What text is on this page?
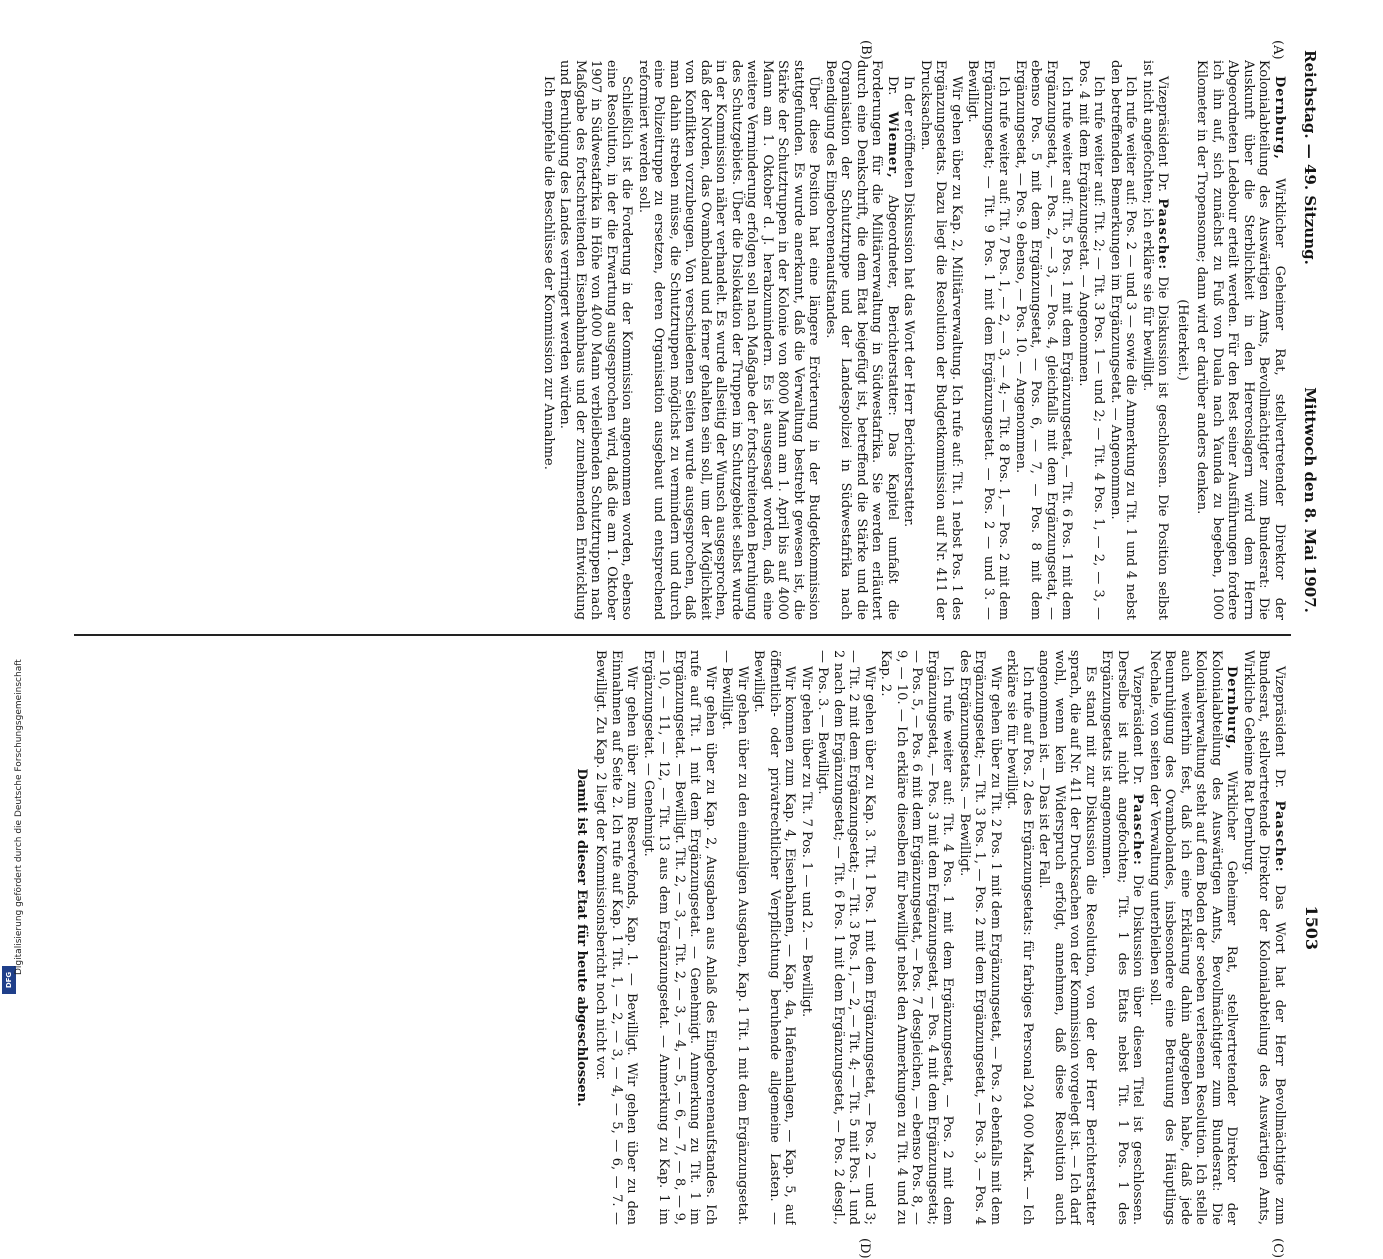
DFG
Digitalisierung gefördert durch die Deutsche Forschungsgemeinschaft
Reichstag. — 49. Sitzung.
Mittwoch den 8. Mai 1907.
1503
(A)
(B)
(C)
(D)

Dernburg, Wirklicher Geheimer Rat, stellvertretender Direktor der Kolonialabteilung des Auswärtigen Amts, Bevollmächtigter zum Bundesrat: Die Auskunft über die Sterblichkeit in den Hereroslagern wird dem Herrn Abgeordneten Ledebour erteilt werden. Für den Rest seiner Ausführungen fordere ich ihn auf, sich zunächst zu Fuß von Duala nach Yaunda zu begeben, 1000 Kilometer in der Tropensonne; dann wird er darüber anders denken.

(Heiterkeit.)

Vizepräsident Dr. Paasche: Die Diskussion ist geschlossen. Die Position selbst ist nicht angefochten; ich erkläre sie für bewilligt.

Ich rufe weiter auf: Pos. 2 — und 3 — sowie die Anmerkung zu Tit. 1 und 4 nebst den betreffenden Bemerkungen im Ergänzungsetat. — Angenommen.

Ich rufe weiter auf: Tit. 2; — Tit. 3 Pos. 1 — und 2; — Tit. 4 Pos. 1, — 2, — 3, — Pos. 4 mit dem Ergänzungsetat. — Angenommen.

Ich rufe weiter auf: Tit. 5 Pos. 1 mit dem Ergänzungsetat, — Tit. 6 Pos. 1 mit dem Ergänzungsetat, — Pos. 2, — 3, — Pos. 4, gleichfalls mit dem Ergänzungsetat, — ebenso Pos. 5 mit dem Ergänzungsetat, — Pos. 6, — 7, — Pos. 8 mit dem Ergänzungsetat, — Pos. 9 ebenso, — Pos. 10. — Angenommen.

Ich rufe weiter auf: Tit. 7 Pos. 1, — 2, — 3, — 4; — Tit. 8 Pos. 1, — Pos. 2 mit dem Ergänzungsetat; — Tit. 9 Pos. 1 mit dem Ergänzungsetat. — Pos. 2 — und 3. — Bewilligt.

Wir gehen über zu Kap. 2, Militärverwaltung. Ich rufe auf: Tit. 1 nebst Pos. 1 des Ergänzungsetats. Dazu liegt die Resolution der Budgetkommission auf Nr. 411 der Drucksachen.

In der eröffneten Diskussion hat das Wort der Herr Berichterstatter.

Dr. Wiemer, Abgeordneter, Berichterstatter: Das Kapitel umfaßt die Forderungen für die Militärverwaltung in Südwestafrika. Sie werden erläutert durch eine Denkschrift, die dem Etat beigefügt ist, betreffend die Stärke und die Organisation der Schutztruppe und der Landespolizei in Südwestafrika nach Beendigung des Eingeborenenaufstandes.

Über diese Position hat eine längere Erörterung in der Budgetkommission stattgefunden. Es wurde anerkannt, daß die Verwaltung bestrebt gewesen ist, die Stärke der Schutztruppen in der Kolonie von 8000 Mann am 1. April bis auf 4000 Mann am 1. Oktober d. J. herabzumindern. Es ist ausgesagt worden, daß eine weitere Verminderung erfolgen soll nach Maßgabe der fortschreitenden Beruhigung des Schutzgebiets. Über die Dislokation der Truppen im Schutzgebiet selbst wurde in der Kommission näher verhandelt. Es wurde allseitig der Wunsch ausgesprochen, daß der Norden, das Ovamboland und ferner gehalten sein soll, um der Möglichkeit von Konflikten vorzubeugen. Von verschiedenen Seiten wurde ausgesprochen, daß man dahin streben müsse, die Schutztruppen möglichst zu vermindern und durch eine Polizeitruppe zu ersetzen, deren Organisation ausgebaut und entsprechend reformiert werden soll.

Schließlich ist die Forderung in der Kommission angenommen worden, ebenso eine Resolution, in der die Erwartung ausgesprochen wird, daß die am 1. Oktober 1907 in Südwestafrika in Höhe von 4000 Mann verbleibenden Schutztruppen nach Maßgabe des fortschreitenden Eisenbahnbaus und der zunehmenden Entwicklung und Beruhigung des Landes verringert werden würden.

Ich empfehle die Beschlüsse der Kommission zur Annahme.

Vizepräsident Dr. Paasche: Das Wort hat der Herr Bevollmächtigte zum Bundesrat, stellvertretende Direktor der Kolonialabteilung des Auswärtigen Amts, Wirkliche Geheime Rat Dernburg.

Dernburg, Wirklicher Geheimer Rat, stellvertretender Direktor der Kolonialabteilung des Auswärtigen Amts, Bevollmächtigter zum Bundesrat: Die Kolonialverwaltung steht auf dem Boden der soeben verlesenen Resolution. Ich stelle auch weiterhin fest, daß ich eine Erklärung dahin abgegeben habe, daß jede Beunruhigung des Ovambolandes, insbesondere eine Betrauung des Häuptlings Nechale, von seiten der Verwaltung unterbleiben soll.

Vizepräsident Dr. Paasche: Die Diskussion über diesen Titel ist geschlossen. Derselbe ist nicht angefochten; Tit. 1 des Etats nebst Tit. 1 Pos. 1 des Ergänzungsetats ist angenommen.

Es stand mit zur Diskussion die Resolution, von der der Herr Berichterstatter sprach, die auf Nr. 411 der Drucksachen von der Kommission vorgelegt ist. — Ich darf wohl, wenn kein Widerspruch erfolgt, annehmen, daß diese Resolution auch angenommen ist. — Das ist der Fall.

Ich rufe auf Pos. 2 des Ergänzungsetats: für farbiges Personal 204 000 Mark. — Ich erkläre sie für bewilligt.

Wir gehen über zu Tit. 2 Pos. 1 mit dem Ergänzungsetat, — Pos. 2 ebenfalls mit dem Ergänzungsetat; — Tit. 3 Pos. 1, — Pos. 2 mit dem Ergänzungsetat, — Pos. 3, — Pos. 4 des Ergänzungsetats. — Bewilligt.

Ich rufe weiter auf: Tit. 4 Pos. 1 mit dem Ergänzungsetat, — Pos. 2 mit dem Ergänzungsetat, — Pos. 3 mit dem Ergänzungsetat, — Pos. 4 mit dem Ergänzungsetat; — Pos. 5, — Pos. 6 mit dem Ergänzungsetat, — Pos. 7 desgleichen, — ebenso Pos. 8, — 9, — 10. — Ich erkläre dieselben für bewilligt nebst den Anmerkungen zu Tit. 4 und zu Kap. 2.

Wir gehen über zu Kap. 3. Tit. 1 Pos. 1 mit dem Ergänzungsetat, — Pos. 2 — und 3; — Tit. 2 mit dem Ergänzungsetat; — Tit. 3 Pos. 1, — 2, — Tit. 4; — Tit. 5 mit Pos. 1 und 2 nach dem Ergänzungsetat; — Tit. 6 Pos. 1 mit dem Ergänzungsetat, — Pos. 2 desgl., — Pos. 3. — Bewilligt.

Wir gehen über zu Tit. 7 Pos. 1 — und 2. — Bewilligt.

Wir kommen zum Kap. 4, Eisenbahnen, — Kap. 4a, Hafenanlagen, — Kap. 5, auf öffentlich- oder privatrechtlicher Verpflichtung beruhende allgemeine Lasten. — Bewilligt.

Wir gehen über zu den einmaligen Ausgaben, Kap. 1 Tit. 1 mit dem Ergänzungsetat. — Bewilligt.

Wir gehen über zu Kap. 2, Ausgaben aus Anlaß des Eingeborenenaufstandes. Ich rufe auf Tit. 1 mit dem Ergänzungsetat. — Genehmigt. Anmerkung zu Tit. 1 im Ergänzungsetat. — Bewilligt. Tit. 2, — 3, — Tit. 2, — 3, — 4, — 5, — 6, — 7, — 8, — 9, — 10, — 11, — 12, — Tit. 13 aus dem Ergänzungsetat. — Anmerkung zu Kap. 1 im Ergänzungsetat. — Genehmigt.

Wir gehen über zum Reservefonds, Kap. 1. — Bewilligt. Wir gehen über zu den Einnahmen auf Seite 2. Ich rufe auf Kap. 1 Tit. 1, — 2, — 3, — 4, — 5, — 6, — 7. — Bewilligt. Zu Kap. 2 liegt der Kommissionsbericht noch nicht vor.

Damit ist dieser Etat für heute abgeschlossen.
